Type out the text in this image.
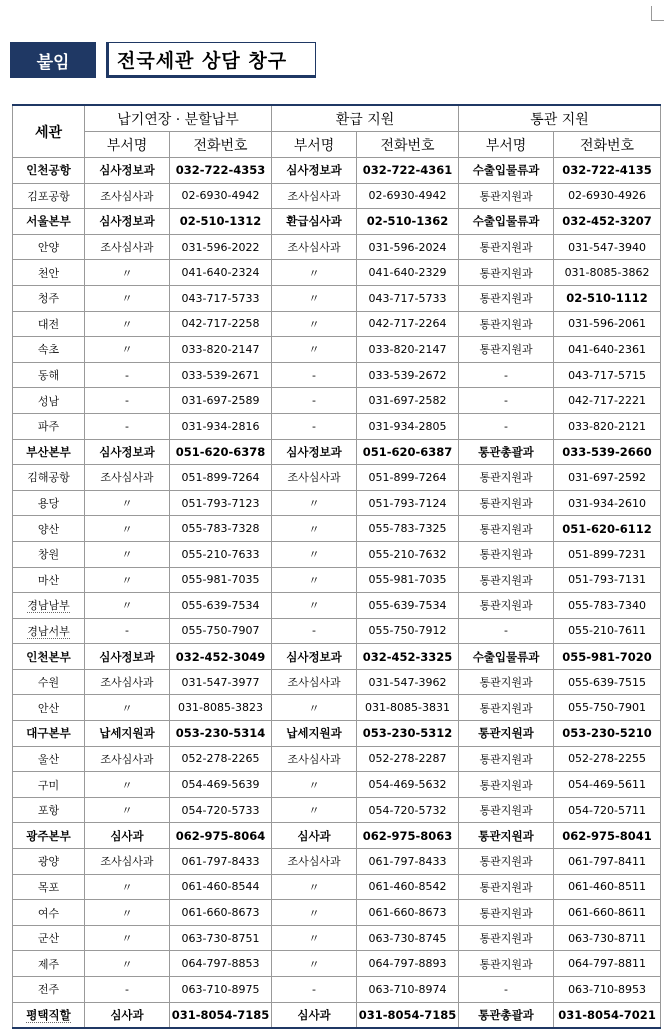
붙임	전국세관 상담 창구
세관	납기연장 · 분할납부		환급 지원		통관 지원	
	부서명	전화번호	부서명	전화번호	부서명	전화번호
인천공항	심사정보과	032-722-4353	심사정보과	032-722-4361	수출입물류과	032-722-4135
김포공항	조사심사과	02-6930-4942	조사심사과	02-6930-4942	통관지원과	02-6930-4926
서울본부	심사정보과	02-510-1312	환급심사과	02-510-1362	수출입물류과	032-452-3207
안양	조사심사과	031-596-2022	조사심사과	031-596-2024	통관지원과	031-547-3940
천안	〃	041-640-2324	〃	041-640-2329	통관지원과	031-8085-3862
청주	〃	043-717-5733	〃	043-717-5733	통관지원과	02-510-1112
대전	〃	042-717-2258	〃	042-717-2264	통관지원과	031-596-2061
속초	〃	033-820-2147	〃	033-820-2147	통관지원과	041-640-2361
동해	-	033-539-2671	-	033-539-2672	-	043-717-5715
성남	-	031-697-2589	-	031-697-2582	-	042-717-2221
파주	-	031-934-2816	-	031-934-2805	-	033-820-2121
부산본부	심사정보과	051-620-6378	심사정보과	051-620-6387	통관총괄과	033-539-2660
김해공항	조사심사과	051-899-7264	조사심사과	051-899-7264	통관지원과	031-697-2592
용당	〃	051-793-7123	〃	051-793-7124	통관지원과	031-934-2610
양산	〃	055-783-7328	〃	055-783-7325	통관지원과	051-620-6112
창원	〃	055-210-7633	〃	055-210-7632	통관지원과	051-899-7231
마산	〃	055-981-7035	〃	055-981-7035	통관지원과	051-793-7131
경남남부	〃	055-639-7534	〃	055-639-7534	통관지원과	055-783-7340
경남서부	-	055-750-7907	-	055-750-7912	-	055-210-7611
인천본부	심사정보과	032-452-3049	심사정보과	032-452-3325	수출입물류과	055-981-7020
수원	조사심사과	031-547-3977	조사심사과	031-547-3962	통관지원과	055-639-7515
안산	〃	031-8085-3823	〃	031-8085-3831	통관지원과	055-750-7901
대구본부	납세지원과	053-230-5314	납세지원과	053-230-5312	통관지원과	053-230-5210
울산	조사심사과	052-278-2265	조사심사과	052-278-2287	통관지원과	052-278-2255
구미	〃	054-469-5639	〃	054-469-5632	통관지원과	054-469-5611
포항	〃	054-720-5733	〃	054-720-5732	통관지원과	054-720-5711
광주본부	심사과	062-975-8064	심사과	062-975-8063	통관지원과	062-975-8041
광양	조사심사과	061-797-8433	조사심사과	061-797-8433	통관지원과	061-797-8411
목포	〃	061-460-8544	〃	061-460-8542	통관지원과	061-460-8511
여수	〃	061-660-8673	〃	061-660-8673	통관지원과	061-660-8611
군산	〃	063-730-8751	〃	063-730-8745	통관지원과	063-730-8711
제주	〃	064-797-8853	〃	064-797-8893	통관지원과	064-797-8811
전주	-	063-710-8975	-	063-710-8974	-	063-710-8953
평택직할	심사과	031-8054-7185	심사과	031-8054-7185	통관총괄과	031-8054-7021
